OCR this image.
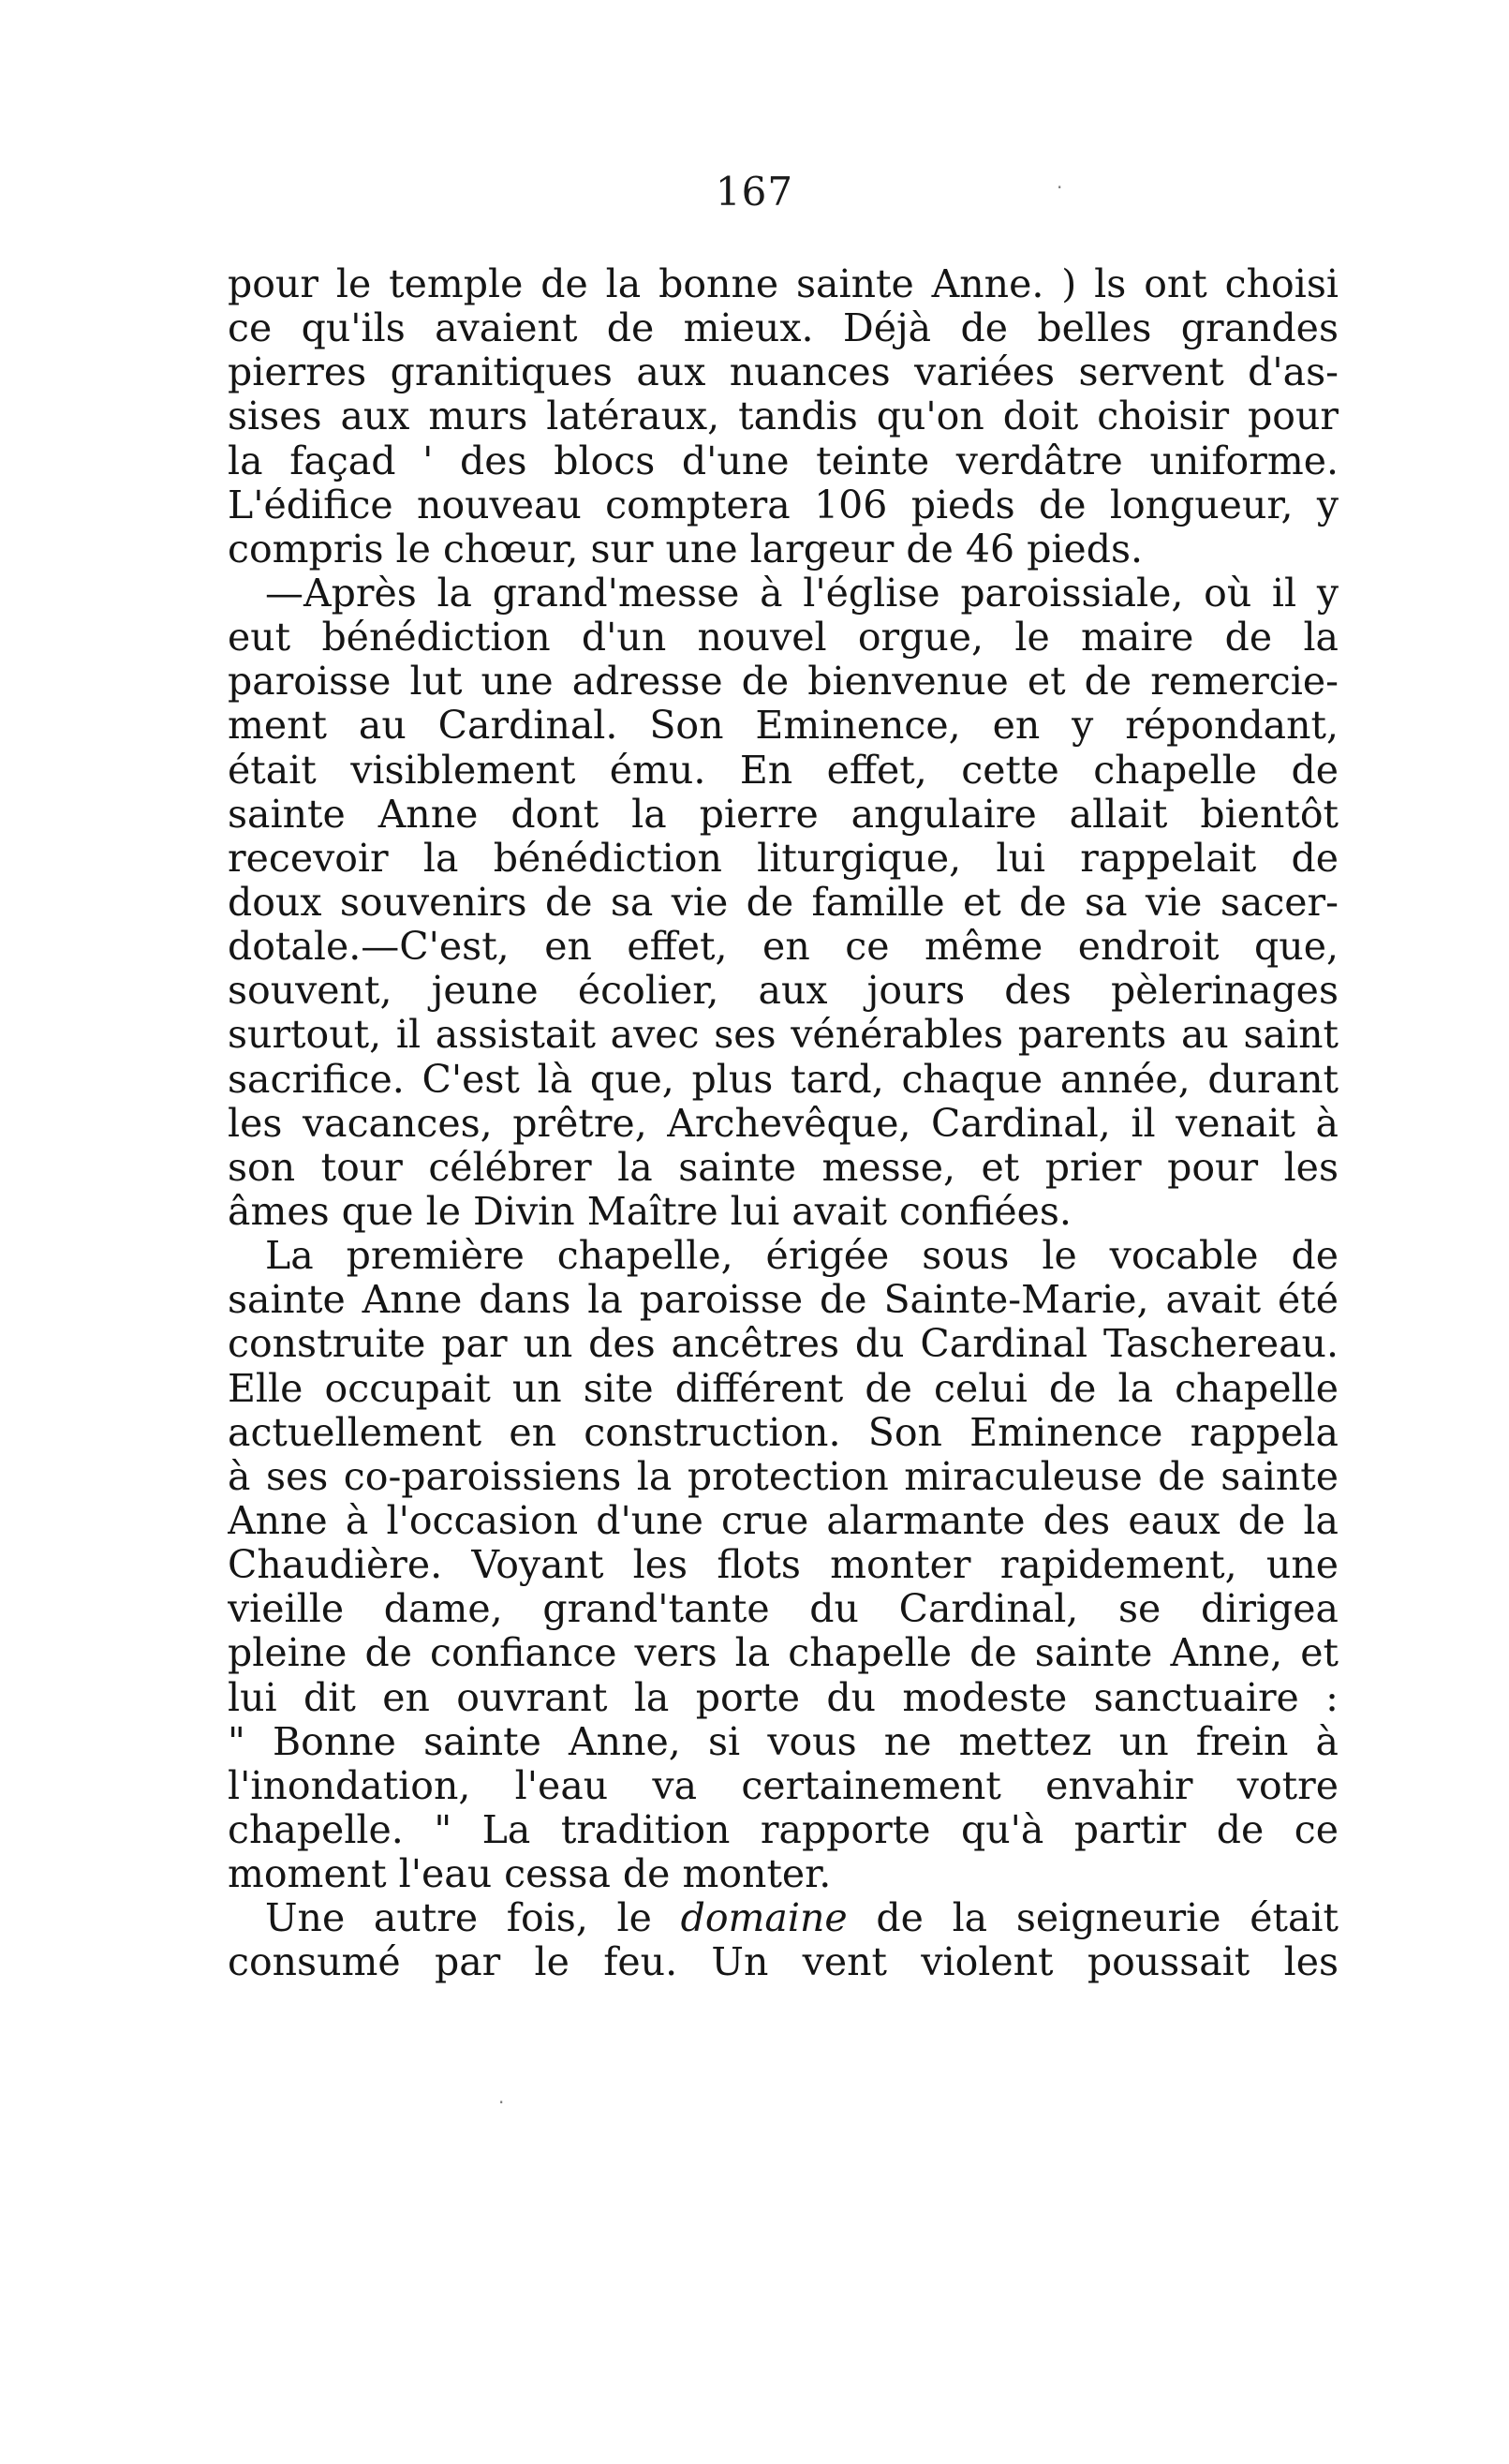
·
·
167
pour le temple de la bonne sainte Anne. ) ls ont choisi
ce qu'ils avaient de mieux. Déjà de belles grandes
pierres granitiques aux nuances variées servent d'as-
sises aux murs latéraux, tandis qu'on doit choisir pour
la façad ' des blocs d'une teinte verdâtre uniforme.
L'édifice nouveau comptera 106 pieds de longueur, y
compris le chœur, sur une largeur de 46 pieds.
—Après la grand'messe à l'église paroissiale, où il y
eut bénédiction d'un nouvel orgue, le maire de la
paroisse lut une adresse de bienvenue et de remercie-
ment au Cardinal. Son Eminence, en y répondant,
était visiblement ému. En effet, cette chapelle de
sainte Anne dont la pierre angulaire allait bientôt
recevoir la bénédiction liturgique, lui rappelait de
doux souvenirs de sa vie de famille et de sa vie sacer-
dotale.—C'est, en effet, en ce même endroit que,
souvent, jeune écolier, aux jours des pèlerinages
surtout, il assistait avec ses vénérables parents au saint
sacrifice. C'est là que, plus tard, chaque année, durant
les vacances, prêtre, Archevêque, Cardinal, il venait à
son tour célébrer la sainte messe, et prier pour les
âmes que le Divin Maître lui avait confiées.
La première chapelle, érigée sous le vocable de
sainte Anne dans la paroisse de Sainte-Marie, avait été
construite par un des ancêtres du Cardinal Taschereau.
Elle occupait un site différent de celui de la chapelle
actuellement en construction. Son Eminence rappela
à ses co-paroissiens la protection miraculeuse de sainte
Anne à l'occasion d'une crue alarmante des eaux de la
Chaudière. Voyant les flots monter rapidement, une
vieille dame, grand'tante du Cardinal, se dirigea
pleine de confiance vers la chapelle de sainte Anne, et
lui dit en ouvrant la porte du modeste sanctuaire :
" Bonne sainte Anne, si vous ne mettez un frein à
l'inondation, l'eau va certainement envahir votre
chapelle. " La tradition rapporte qu'à partir de ce
moment l'eau cessa de monter.
Une autre fois, le domaine de la seigneurie était
consumé par le feu. Un vent violent poussait les
